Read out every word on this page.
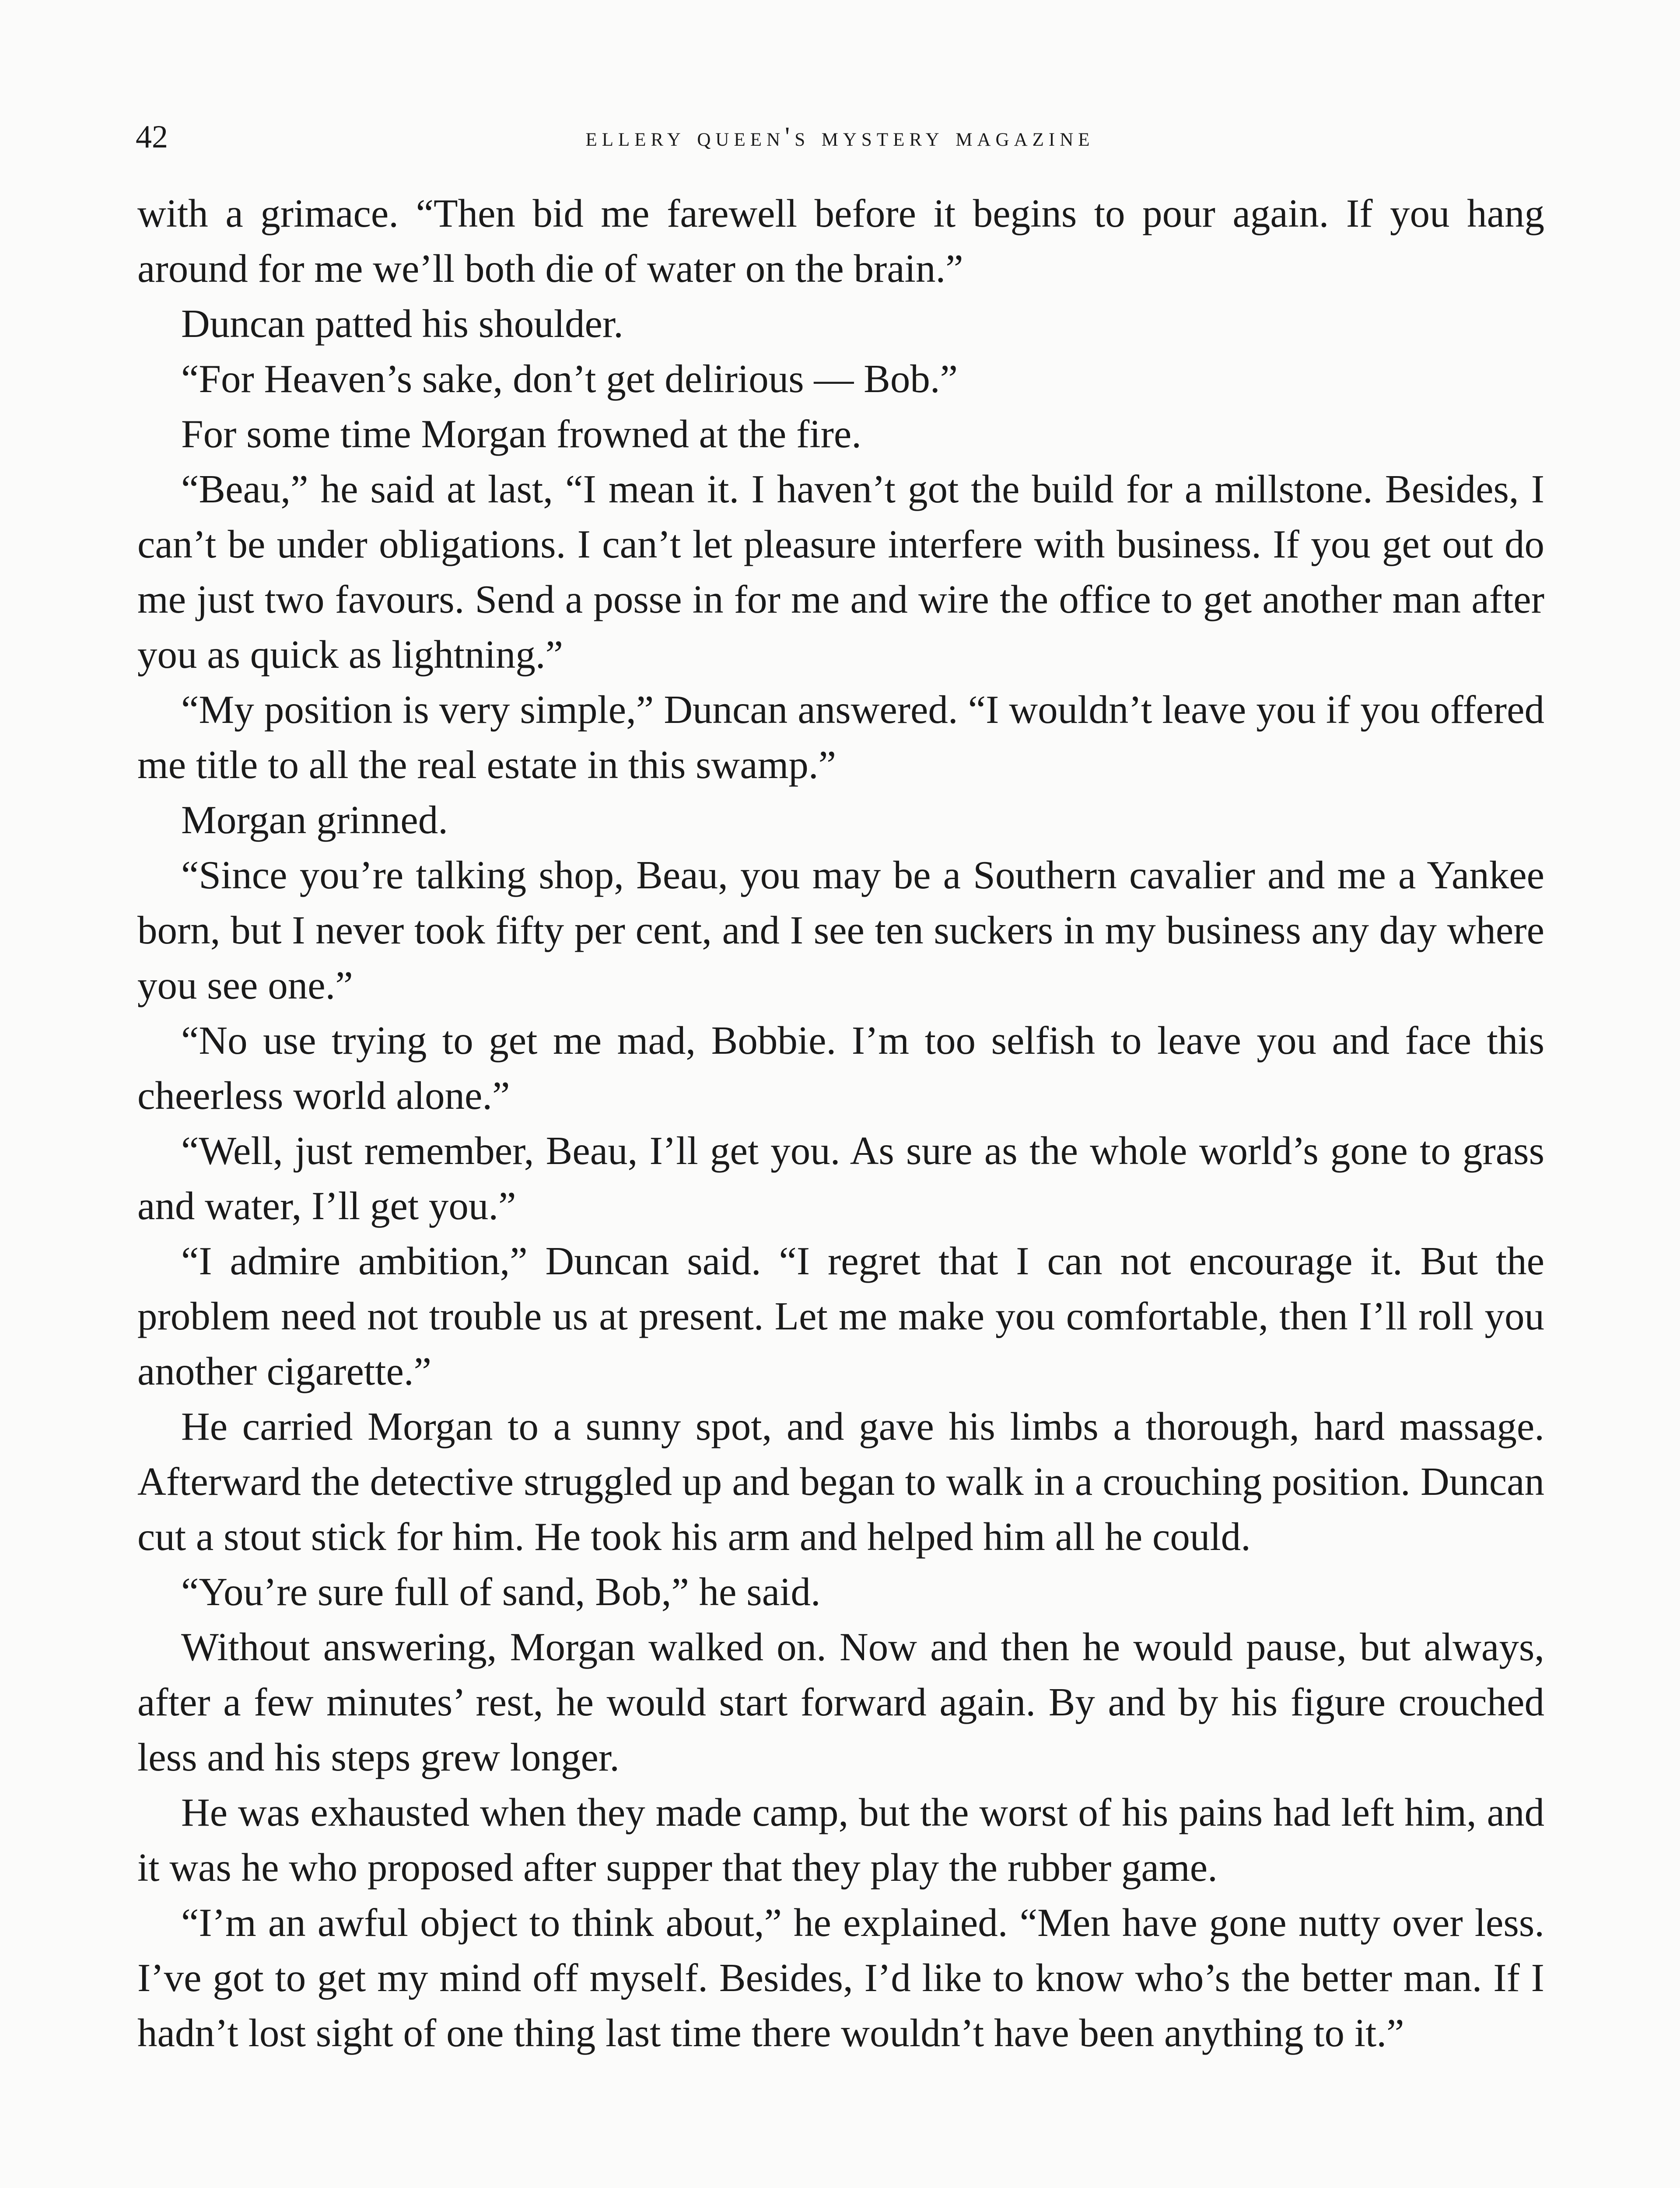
42	ellery queen's mystery magazine

with a grimace. “Then bid me farewell before it begins to pour again. If you hang around for me we’ll both die of water on the brain.”

Duncan patted his shoulder.

“For Heaven’s sake, don’t get delirious — Bob.”

For some time Morgan frowned at the fire.

“Beau,” he said at last, “I mean it. I haven’t got the build for a millstone. Besides, I can’t be under obligations. I can’t let pleasure interfere with business. If you get out do me just two favours. Send a posse in for me and wire the office to get another man after you as quick as lightning.”

“My position is very simple,” Duncan answered. “I wouldn’t leave you if you offered me title to all the real estate in this swamp.”

Morgan grinned.

“Since you’re talking shop, Beau, you may be a Southern cavalier and me a Yankee born, but I never took fifty per cent, and I see ten suckers in my business any day where you see one.”

“No use trying to get me mad, Bobbie. I’m too selfish to leave you and face this cheerless world alone.”

“Well, just remember, Beau, I’ll get you. As sure as the whole world’s gone to grass and water, I’ll get you.”

“I admire ambition,” Duncan said. “I regret that I can not encourage it. But the problem need not trouble us at present. Let me make you comfortable, then I’ll roll you another cigarette.”

He carried Morgan to a sunny spot, and gave his limbs a thorough, hard massage. Afterward the detective struggled up and began to walk in a crouching position. Duncan cut a stout stick for him. He took his arm and helped him all he could.

“You’re sure full of sand, Bob,” he said.

Without answering, Morgan walked on. Now and then he would pause, but always, after a few minutes’ rest, he would start forward again. By and by his figure crouched less and his steps grew longer.

He was exhausted when they made camp, but the worst of his pains had left him, and it was he who proposed after supper that they play the rubber game.

“I’m an awful object to think about,” he explained. “Men have gone nutty over less. I’ve got to get my mind off myself. Besides, I’d like to know who’s the better man. If I hadn’t lost sight of one thing last time there wouldn’t have been anything to it.”
